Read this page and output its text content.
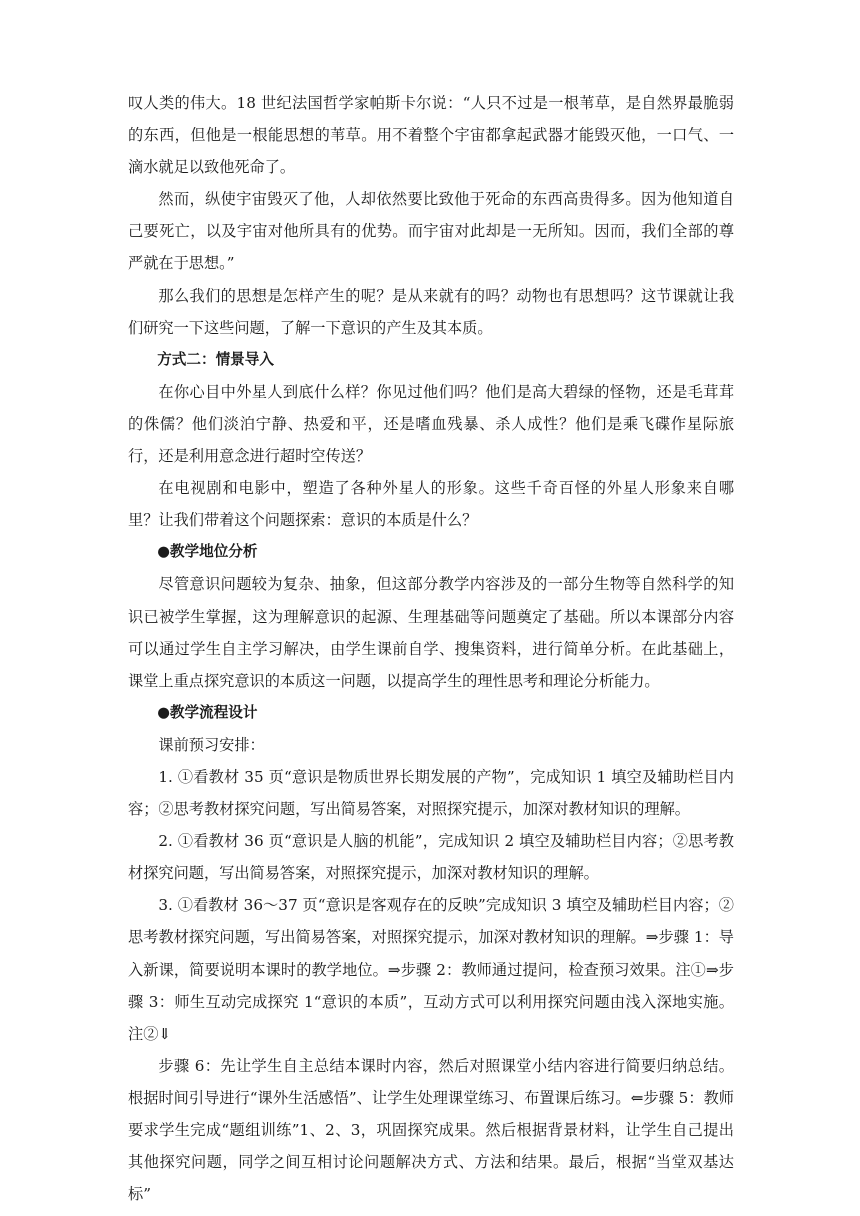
叹人类的伟大。18 世纪法国哲学家帕斯卡尔说：“人只不过是一根苇草，是自然界最脆弱的东西，但他是一根能思想的苇草。用不着整个宇宙都拿起武器才能毁灭他，一口气、一滴水就足以致他死命了。

然而，纵使宇宙毁灭了他，人却依然要比致他于死命的东西高贵得多。因为他知道自己要死亡，以及宇宙对他所具有的优势。而宇宙对此却是一无所知。因而，我们全部的尊严就在于思想。”

那么我们的思想是怎样产生的呢？是从来就有的吗？动物也有思想吗？这节课就让我们研究一下这些问题，了解一下意识的产生及其本质。

方式二：情景导入

在你心目中外星人到底什么样？你见过他们吗？他们是高大碧绿的怪物，还是毛茸茸的侏儒？他们淡泊宁静、热爱和平，还是嗜血残暴、杀人成性？他们是乘飞碟作星际旅行，还是利用意念进行超时空传送？

在电视剧和电影中，塑造了各种外星人的形象。这些千奇百怪的外星人形象来自哪里？让我们带着这个问题探索：意识的本质是什么？

●教学地位分析

尽管意识问题较为复杂、抽象，但这部分教学内容涉及的一部分生物等自然科学的知识已被学生掌握，这为理解意识的起源、生理基础等问题奠定了基础。所以本课部分内容可以通过学生自主学习解决，由学生课前自学、搜集资料，进行简单分析。在此基础上，课堂上重点探究意识的本质这一问题，以提高学生的理性思考和理论分析能力。

●教学流程设计

课前预习安排：

1. ①看教材 35 页“意识是物质世界长期发展的产物”，完成知识 1 填空及辅助栏目内容；②思考教材探究问题，写出简易答案，对照探究提示，加深对教材知识的理解。

2. ①看教材 36 页“意识是人脑的机能”，完成知识 2 填空及辅助栏目内容；②思考教材探究问题，写出简易答案，对照探究提示，加深对教材知识的理解。

3. ①看教材 36～37 页“意识是客观存在的反映”完成知识 3 填空及辅助栏目内容；②思考教材探究问题，写出简易答案，对照探究提示，加深对教材知识的理解。⇒步骤 1：导入新课，简要说明本课时的教学地位。⇒步骤 2：教师通过提问，检查预习效果。注①⇒步骤 3：师生互动完成探究 1“意识的本质”，互动方式可以利用探究问题由浅入深地实施。注②⇓

步骤 6：先让学生自主总结本课时内容，然后对照课堂小结内容进行简要归纳总结。根据时间引导进行“课外生活感悟”、让学生处理课堂练习、布置课后练习。⇐步骤 5：教师要求学生完成“题组训练”1、2、3，巩固探究成果。然后根据背景材料，让学生自己提出其他探究问题，同学之间互相讨论问题解决方式、方法和结果。最后，根据“当堂双基达标”
